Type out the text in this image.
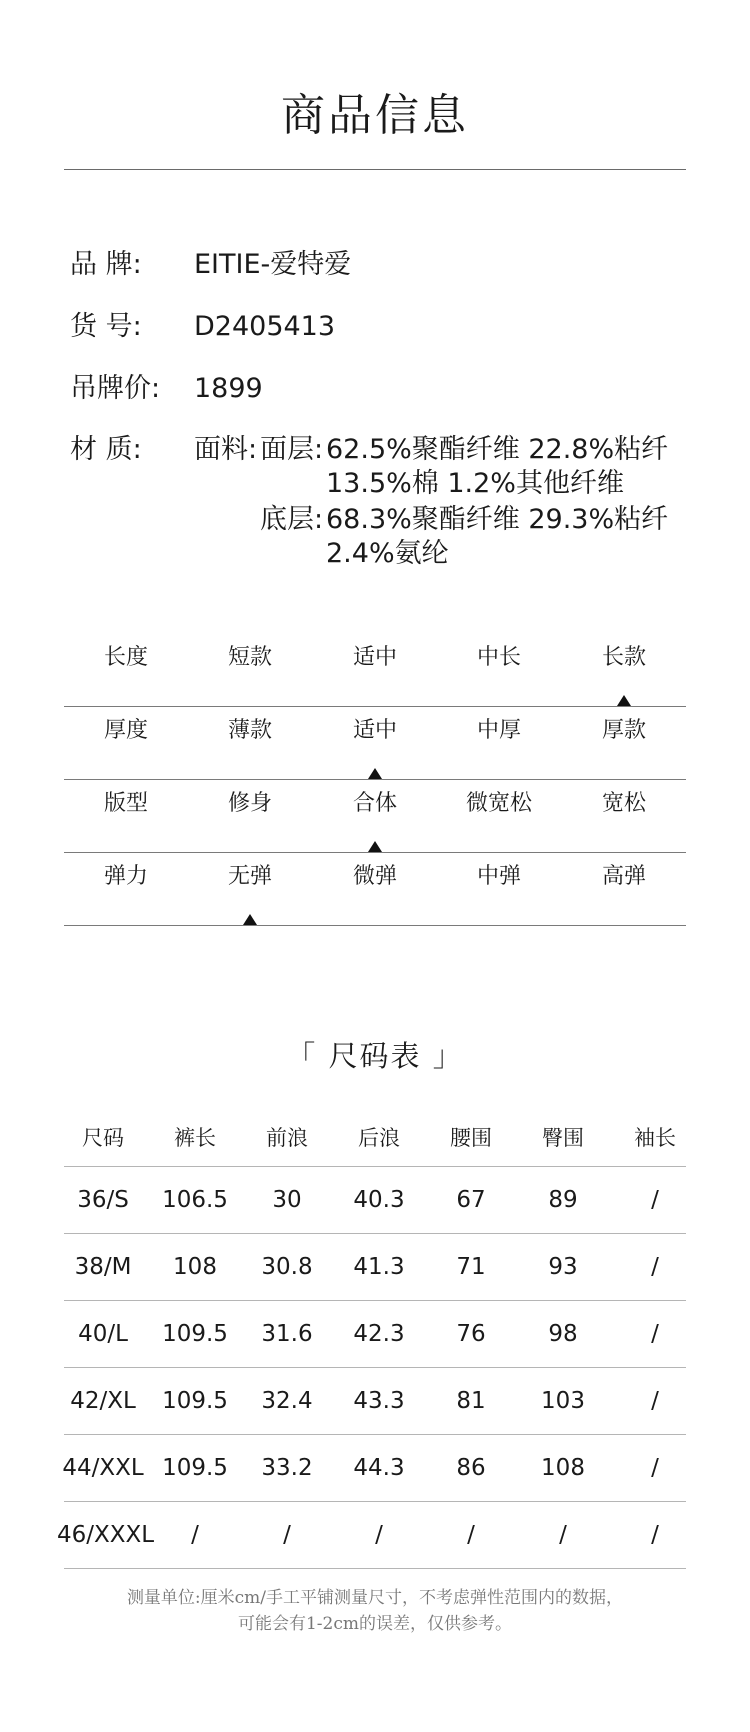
商品信息
品 牌: EITIE-爱特爱
货 号: D2405413
吊牌价: 1899
材 质: 面料: 面层: 62.5%聚酯纤维 22.8%粘纤
13.5%棉 1.2%其他纤维
底层: 68.3%聚酯纤维 29.3%粘纤
2.4%氨纶
长度	短款	适中	中长	长款
厚度	薄款	适中	中厚	厚款
版型	修身	合体	微宽松	宽松
弹力	无弹	微弹	中弹	高弹
「 尺码表 」
尺码	裤长	前浪	后浪	腰围	臀围	袖长
36/S	106.5	30	40.3	67	89	/
38/M	108	30.8	41.3	71	93	/
40/L	109.5	31.6	42.3	76	98	/
42/XL	109.5	32.4	43.3	81	103	/
44/XXL 109.5	33.2	44.3	86	108	/
46/XXXL	/	/	/	/	/	/
测量单位:厘米cm/手工平铺测量尺寸，不考虑弹性范围内的数据，
可能会有1-2cm的误差，仅供参考。
